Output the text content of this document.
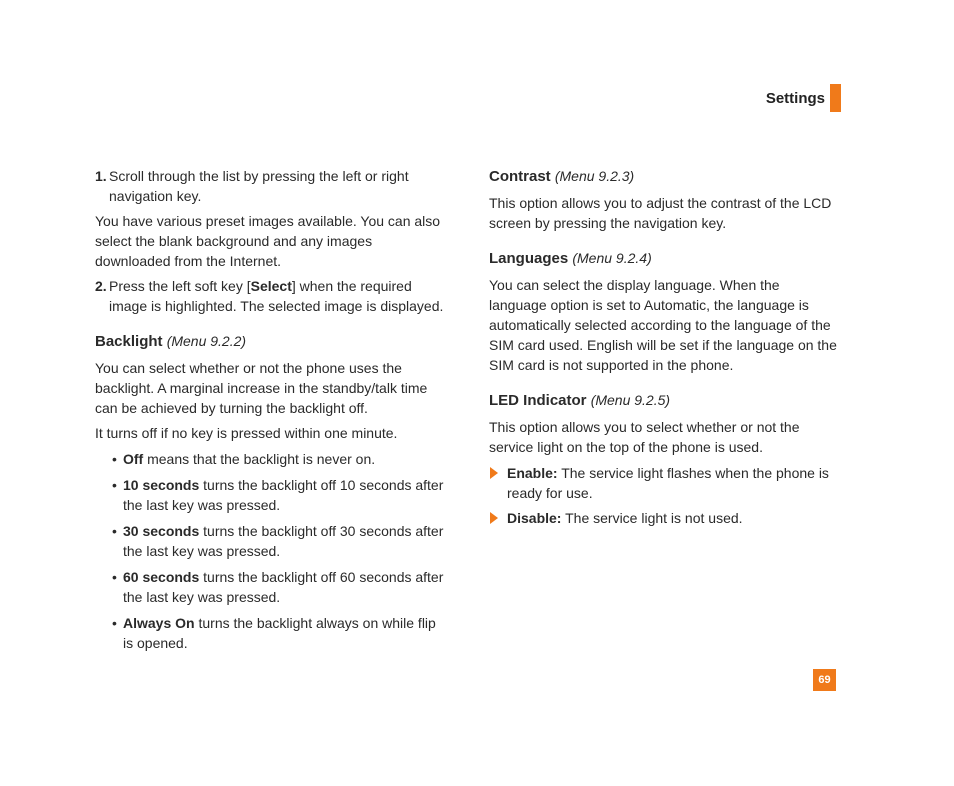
Settings
1. Scroll through the list by pressing the left or right navigation key.

You have various preset images available. You can also select the blank background and any images downloaded from the Internet.

2. Press the left soft key [Select] when the required image is highlighted. The selected image is displayed.
Backlight (Menu 9.2.2)

You can select whether or not the phone uses the backlight. A marginal increase in the standby/talk time can be achieved by turning the backlight off.

It turns off if no key is pressed within one minute.

• Off means that the backlight is never on.
• 10 seconds turns the backlight off 10 seconds after the last key was pressed.
• 30 seconds turns the backlight off 30 seconds after the last key was pressed.
• 60 seconds turns the backlight off 60 seconds after the last key was pressed.
• Always On turns the backlight always on while flip is opened.
Contrast (Menu 9.2.3)

This option allows you to adjust the contrast of the LCD screen by pressing the navigation key.

Languages (Menu 9.2.4)

You can select the display language. When the language option is set to Automatic, the language is automatically selected according to the language of the SIM card used. English will be set if the language on the SIM card is not supported in the phone.

LED Indicator (Menu 9.2.5)

This option allows you to select whether or not the service light on the top of the phone is used.

Enable: The service light flashes when the phone is ready for use.
Disable: The service light is not used.
69
